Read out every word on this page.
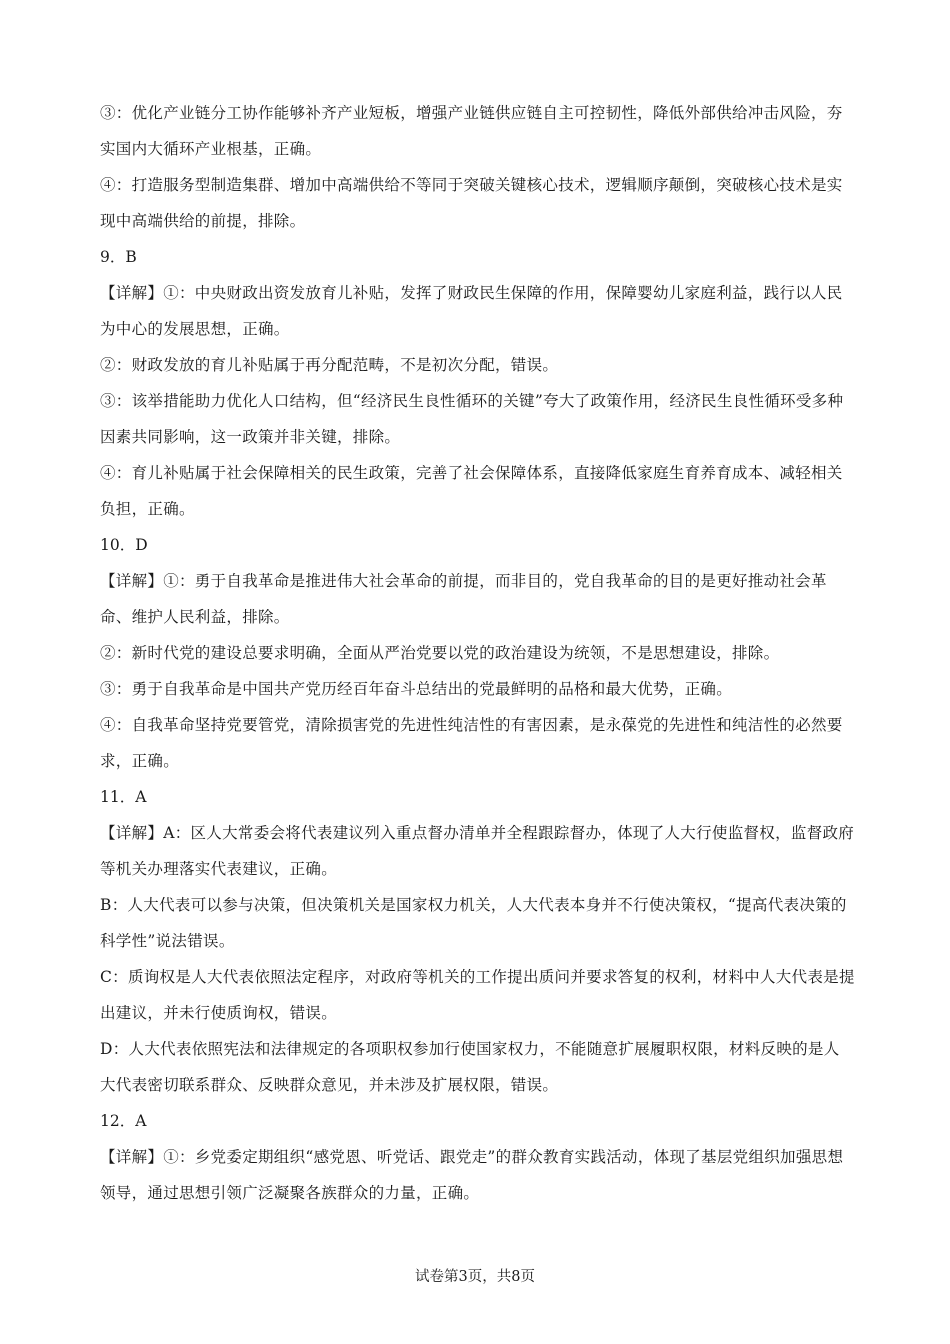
③：优化产业链分工协作能够补齐产业短板，增强产业链供应链自主可控韧性，降低外部供给冲击风险，夯实国内大循环产业根基，正确。

④：打造服务型制造集群、增加中高端供给不等同于突破关键核心技术，逻辑顺序颠倒，突破核心技术是实现中高端供给的前提，排除。

9．B

【详解】①：中央财政出资发放育儿补贴，发挥了财政民生保障的作用，保障婴幼儿家庭利益，践行以人民为中心的发展思想，正确。

②：财政发放的育儿补贴属于再分配范畴，不是初次分配，错误。

③：该举措能助力优化人口结构，但“经济民生良性循环的关键”夸大了政策作用，经济民生良性循环受多种因素共同影响，这一政策并非关键，排除。

④：育儿补贴属于社会保障相关的民生政策，完善了社会保障体系，直接降低家庭生育养育成本、减轻相关负担，正确。

10．D

【详解】①：勇于自我革命是推进伟大社会革命的前提，而非目的，党自我革命的目的是更好推动社会革命、维护人民利益，排除。

②：新时代党的建设总要求明确，全面从严治党要以党的政治建设为统领，不是思想建设，排除。

③：勇于自我革命是中国共产党历经百年奋斗总结出的党最鲜明的品格和最大优势，正确。

④：自我革命坚持党要管党，清除损害党的先进性纯洁性的有害因素，是永葆党的先进性和纯洁性的必然要求，正确。

11．A

【详解】A：区人大常委会将代表建议列入重点督办清单并全程跟踪督办，体现了人大行使监督权，监督政府等机关办理落实代表建议，正确。

B：人大代表可以参与决策，但决策机关是国家权力机关，人大代表本身并不行使决策权，“提高代表决策的科学性”说法错误。

C：质询权是人大代表依照法定程序，对政府等机关的工作提出质问并要求答复的权利，材料中人大代表是提出建议，并未行使质询权，错误。

D：人大代表依照宪法和法律规定的各项职权参加行使国家权力，不能随意扩展履职权限，材料反映的是人大代表密切联系群众、反映群众意见，并未涉及扩展权限，错误。

12．A

【详解】①：乡党委定期组织“感党恩、听党话、跟党走”的群众教育实践活动，体现了基层党组织加强思想领导，通过思想引领广泛凝聚各族群众的力量，正确。

试卷第3页，共8页
